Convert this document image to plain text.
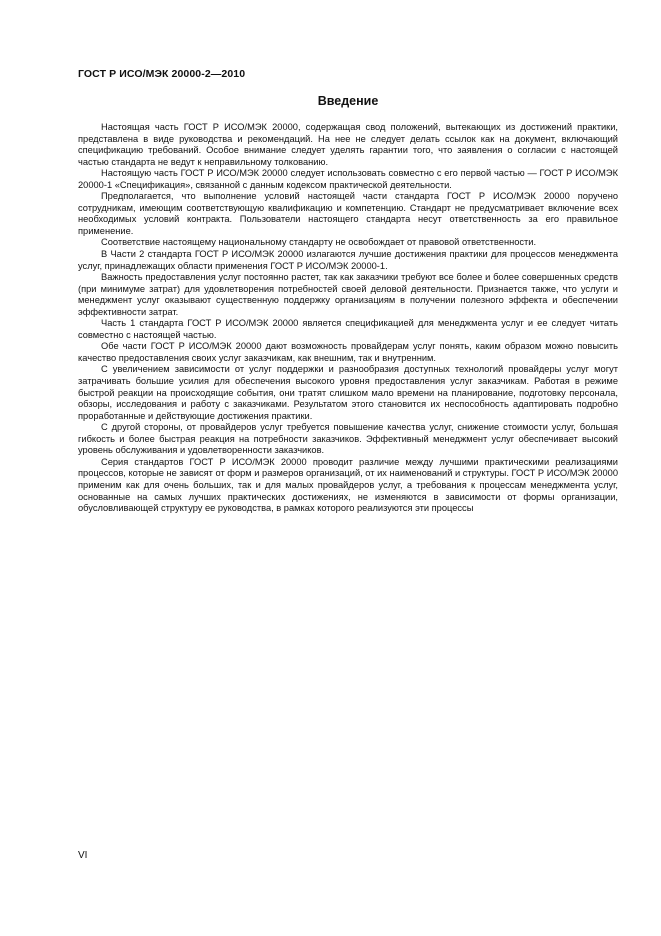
ГОСТ Р ИСО/МЭК 20000-2—2010
Введение

Настоящая часть ГОСТ Р ИСО/МЭК 20000, содержащая свод положений, вытекающих из достижений практики, представлена в виде руководства и рекомендаций. На нее не следует делать ссылок как на документ, включающий спецификацию требований. Особое внимание следует уделять гарантии того, что заявления о согласии с настоящей частью стандарта не ведут к неправильному толкованию.

Настоящую часть ГОСТ Р ИСО/МЭК 20000 следует использовать совместно с его первой частью — ГОСТ Р ИСО/МЭК 20000-1 «Спецификация», связанной с данным кодексом практической деятельности.

Предполагается, что выполнение условий настоящей части стандарта ГОСТ Р ИСО/МЭК 20000 поручено сотрудникам, имеющим соответствующую квалификацию и компетенцию. Стандарт не предусматривает включение всех необходимых условий контракта. Пользователи настоящего стандарта несут ответственность за его правильное применение.

Соответствие настоящему национальному стандарту не освобождает от правовой ответственности.

В Части 2 стандарта ГОСТ Р ИСО/МЭК 20000 излагаются лучшие достижения практики для процессов менеджмента услуг, принадлежащих области применения ГОСТ Р ИСО/МЭК 20000-1.

Важность предоставления услуг постоянно растет, так как заказчики требуют все более и более совершенных средств (при минимуме затрат) для удовлетворения потребностей своей деловой деятельности. Признается также, что услуги и менеджмент услуг оказывают существенную поддержку организациям в получении полезного эффекта и обеспечении эффективности затрат.

Часть 1 стандарта ГОСТ Р ИСО/МЭК 20000 является спецификацией для менеджмента услуг и ее следует читать совместно с настоящей частью.

Обе части ГОСТ Р ИСО/МЭК 20000 дают возможность провайдерам услуг понять, каким образом можно повысить качество предоставления своих услуг заказчикам, как внешним, так и внутренним.

С увеличением зависимости от услуг поддержки и разнообразия доступных технологий провайдеры услуг могут затрачивать большие усилия для обеспечения высокого уровня предоставления услуг заказчикам. Работая в режиме быстрой реакции на происходящие события, они тратят слишком мало времени на планирование, подготовку персонала, обзоры, исследования и работу с заказчиками. Результатом этого становится их неспособность адаптировать подробно проработанные и действующие достижения практики.

С другой стороны, от провайдеров услуг требуется повышение качества услуг, снижение стоимости услуг, большая гибкость и более быстрая реакция на потребности заказчиков. Эффективный менеджмент услуг обеспечивает высокий уровень обслуживания и удовлетворенности заказчиков.

Серия стандартов ГОСТ Р ИСО/МЭК 20000 проводит различие между лучшими практическими реализациями процессов, которые не зависят от форм и размеров организаций, от их наименований и структуры. ГОСТ Р ИСО/МЭК 20000 применим как для очень больших, так и для малых провайдеров услуг, а требования к процессам менеджмента услуг, основанные на самых лучших практических достижениях, не изменяются в зависимости от формы организации, обусловливающей структуру ее руководства, в рамках которого реализуются эти процессы

VI
